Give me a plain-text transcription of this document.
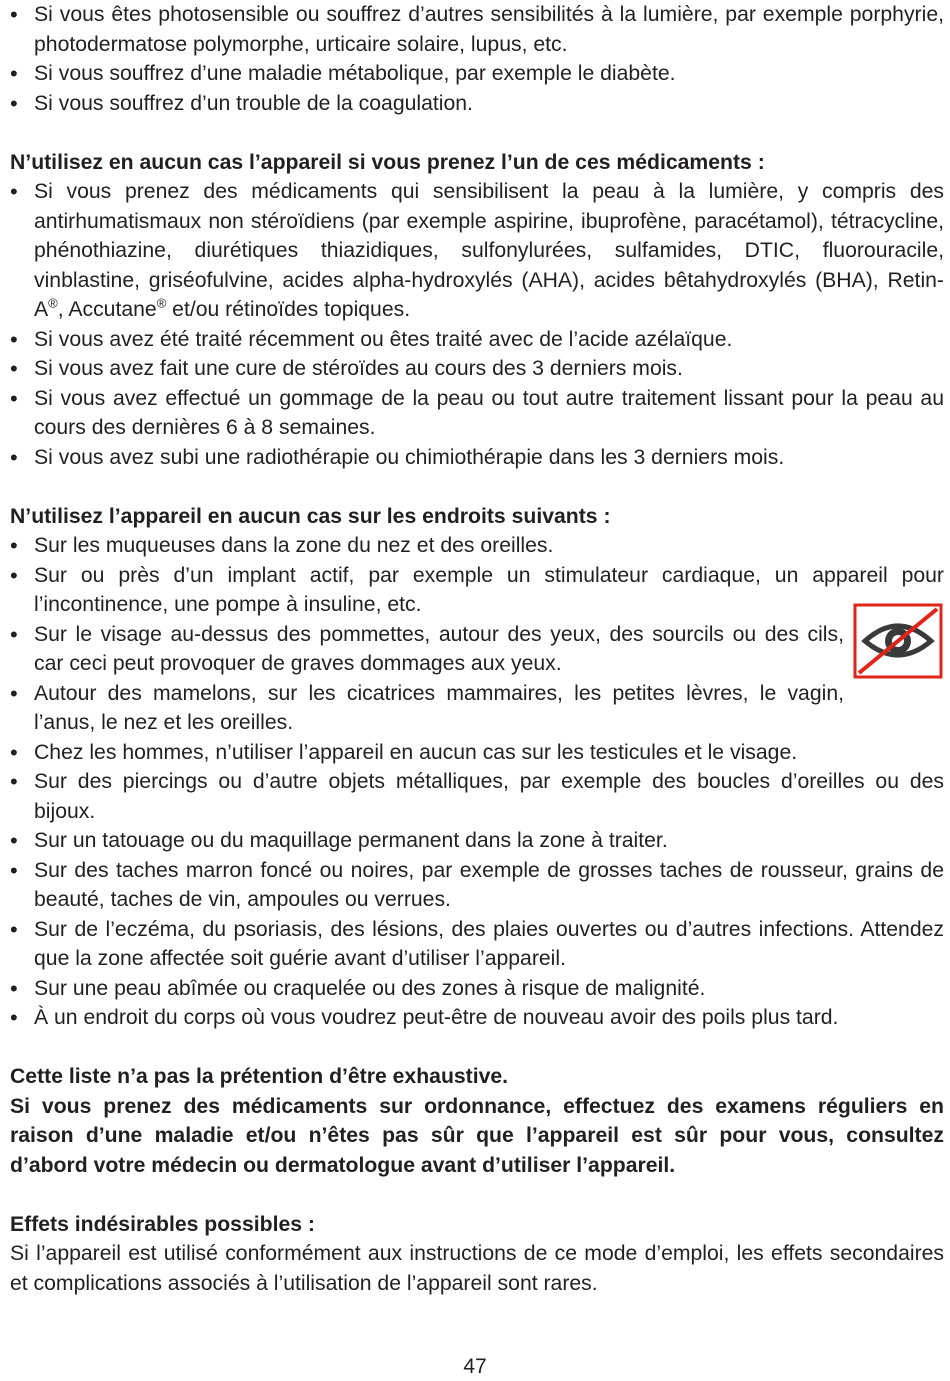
• Si vous êtes photosensible ou souffrez d’autres sensibilités à la lumière, par exemple porphyrie, photodermatose polymorphe, urticaire solaire, lupus, etc.
• Si vous souffrez d’une maladie métabolique, par exemple le diabète.
• Si vous souffrez d’un trouble de la coagulation.

N’utilisez en aucun cas l’appareil si vous prenez l’un de ces médicaments :

• Si vous prenez des médicaments qui sensibilisent la peau à la lumière, y compris des antirhumatismaux non stéroïdiens (par exemple aspirine, ibuprofène, paracétamol), tétracycline, phénothiazine, diurétiques thiazidiques, sulfonylurées, sulfamides, DTIC, fluorouracile, vinblastine, griséofulvine, acides alpha-hydroxylés (AHA), acides bêtahydroxylés (BHA), Retin-A®, Accutane® et/ou rétinoïdes topiques.
• Si vous avez été traité récemment ou êtes traité avec de l’acide azélaïque.
• Si vous avez fait une cure de stéroïdes au cours des 3 derniers mois.
• Si vous avez effectué un gommage de la peau ou tout autre traitement lissant pour la peau au cours des dernières 6 à 8 semaines.
• Si vous avez subi une radiothérapie ou chimiothérapie dans les 3 derniers mois.

N’utilisez l’appareil en aucun cas sur les endroits suivants :

• Sur les muqueuses dans la zone du nez et des oreilles.
• Sur ou près d’un implant actif, par exemple un stimulateur cardiaque, un appareil pour l’incontinence, une pompe à insuline, etc.
• Sur le visage au-dessus des pommettes, autour des yeux, des sourcils ou des cils, car ceci peut provoquer de graves dommages aux yeux.
• Autour des mamelons, sur les cicatrices mammaires, les petites lèvres, le vagin, l’anus, le nez et les oreilles.
• Chez les hommes, n’utiliser l’appareil en aucun cas sur les testicules et le visage.
• Sur des piercings ou d’autre objets métalliques, par exemple des boucles d’oreilles ou des bijoux.
• Sur un tatouage ou du maquillage permanent dans la zone à traiter.
• Sur des taches marron foncé ou noires, par exemple de grosses taches de rousseur, grains de beauté, taches de vin, ampoules ou verrues.
• Sur de l’eczéma, du psoriasis, des lésions, des plaies ouvertes ou d’autres infections. Attendez que la zone affectée soit guérie avant d’utiliser l’appareil.
• Sur une peau abîmée ou craquelée ou des zones à risque de malignité.
• À un endroit du corps où vous voudrez peut-être de nouveau avoir des poils plus tard.

Cette liste n’a pas la prétention d’être exhaustive.

Si vous prenez des médicaments sur ordonnance, effectuez des examens réguliers en raison d’une maladie et/ou n’êtes pas sûr que l’appareil est sûr pour vous, consultez d’abord votre médecin ou dermatologue avant d’utiliser l’appareil.

Effets indésirables possibles :

Si l’appareil est utilisé conformément aux instructions de ce mode d’emploi, les effets secondaires et complications associés à l’utilisation de l’appareil sont rares.

47
